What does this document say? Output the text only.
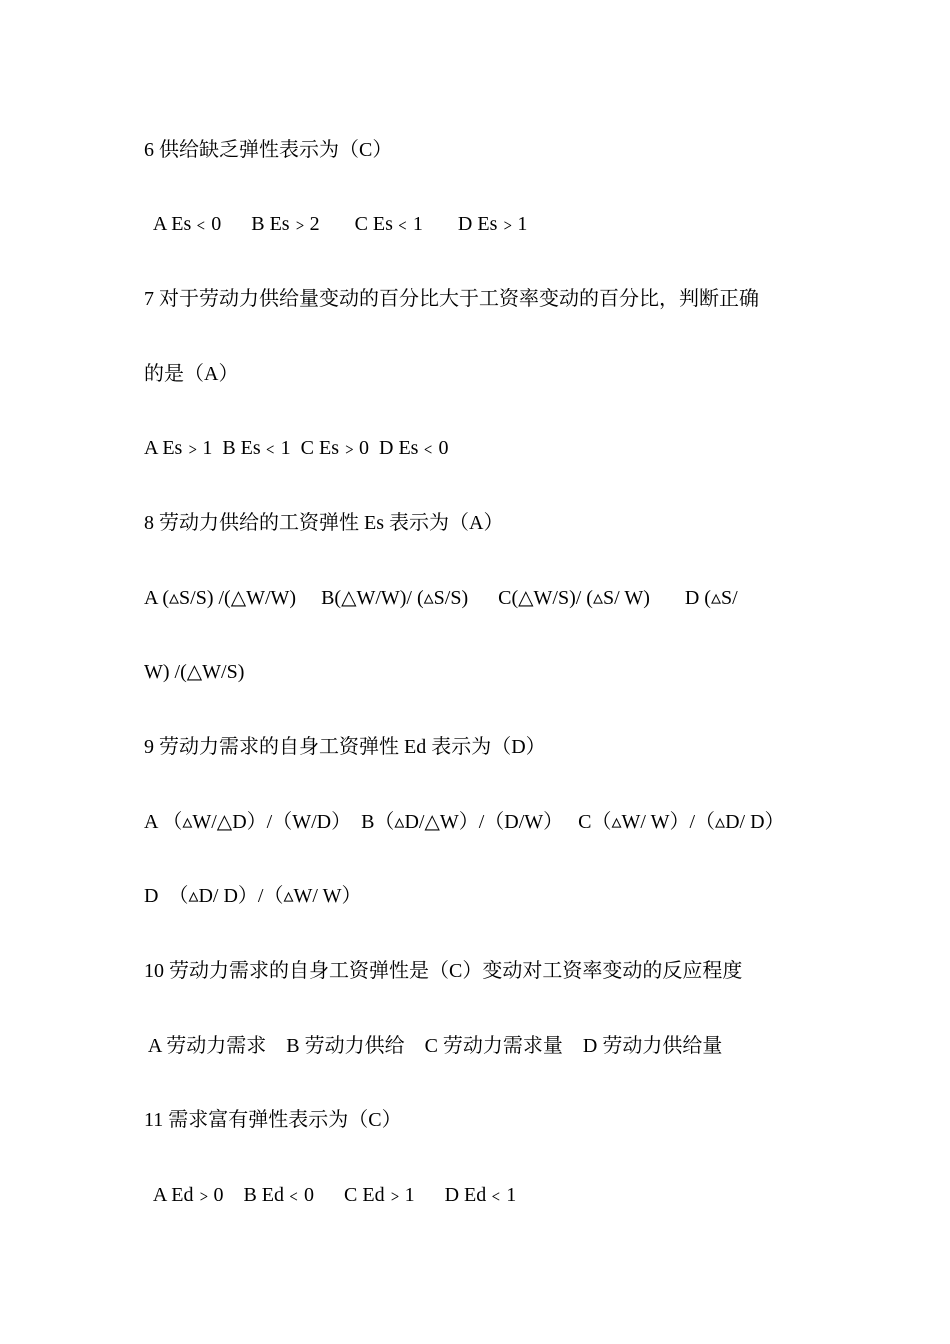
6 供给缺乏弹性表示为（C）
A Es﹤0      B Es﹥2       C Es﹤1       D Es﹥1
7 对于劳动力供给量变动的百分比大于工资率变动的百分比，判断正确
的是（A）
A Es﹥1  B Es﹤1  C Es﹥0  D Es﹤0
8 劳动力供给的工资弹性 Es 表示为（A）
A (▵S/S) /(△W/W)     B(△W/W)/ (▵S/S)      C(△W/S)/ (▵S/ W)       D (▵S/
W) /(△W/S)
9 劳动力需求的自身工资弹性 Ed 表示为（D）
A （▵W/△D）/（W/D）  B（▵D/△W）/（D/W）   C（▵W/ W）/（▵D/ D）
D  （▵D/ D）/（▵W/ W）
10 劳动力需求的自身工资弹性是（C）变动对工资率变动的反应程度
A 劳动力需求    B 劳动力供给    C 劳动力需求量    D 劳动力供给量
11 需求富有弹性表示为（C）
A Ed﹥0    B Ed﹤0      C Ed﹥1      D Ed﹤1
